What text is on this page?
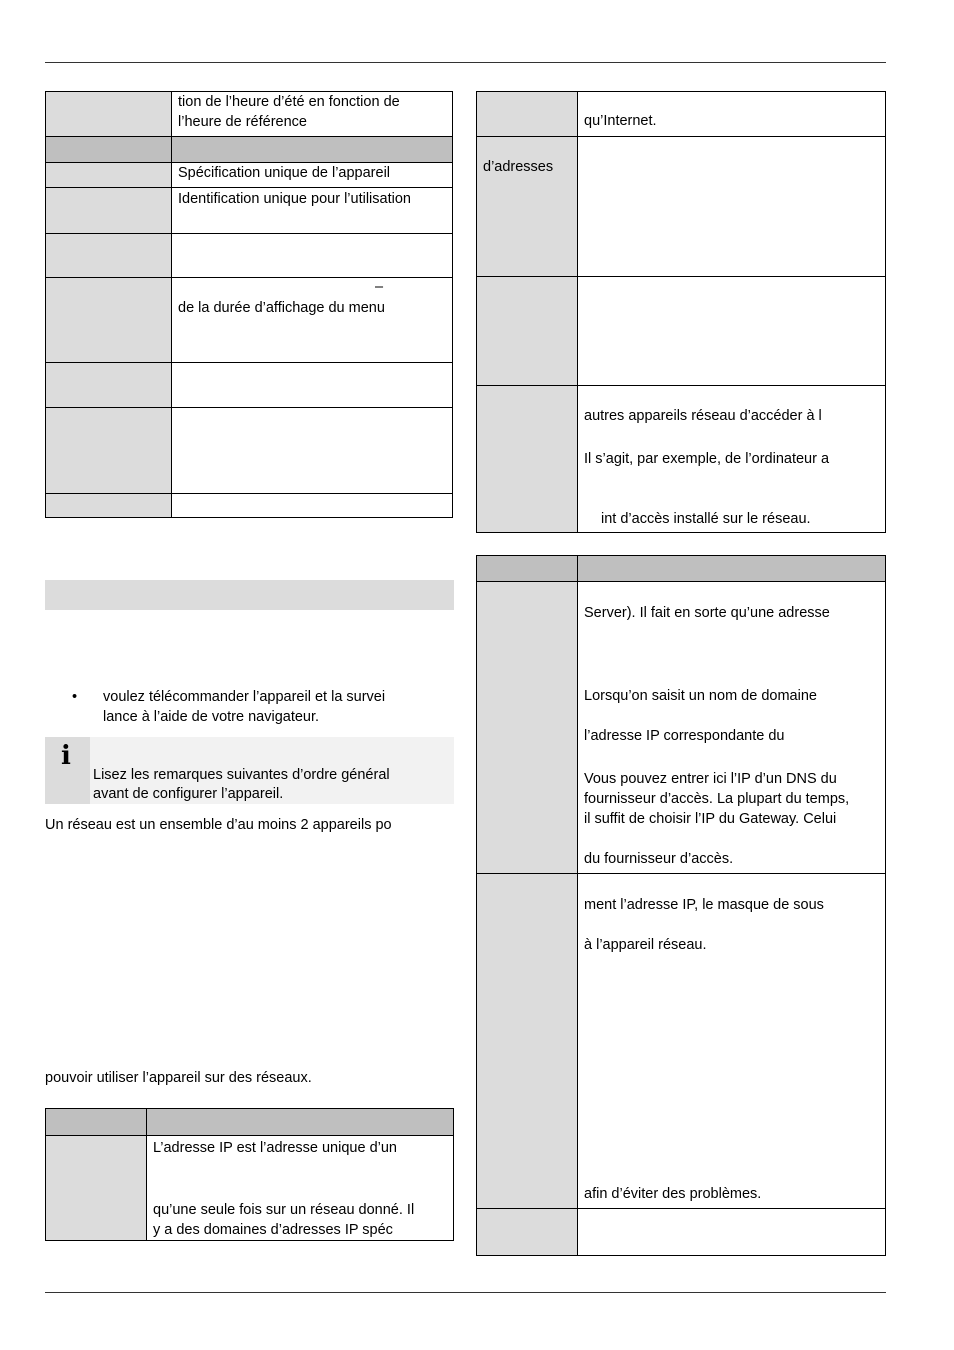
tion de l’heure d’été en fonction de
l’heure de référence
Spécification unique de l’appareil
Identification unique pour l’utilisation
–
de la durée d’affichage du menu
• voulez télécommander l’appareil et la survei
lance à l’aide de votre navigateur.
i
Lisez les remarques suivantes d’ordre général
avant de configurer l’appareil.
Un réseau est un ensemble d’au moins 2 appareils po
pouvoir utiliser l’appareil sur des réseaux.
L’adresse IP est l’adresse unique d’un
qu’une seule fois sur un réseau donné. Il
y a des domaines d’adresses IP spéc
qu’Internet.
d’adresses
autres appareils réseau d’accéder à l
Il s’agit, par exemple, de l’ordinateur a
int d’accès installé sur le réseau.
Server). Il fait en sorte qu’une adresse
Lorsqu’on saisit un nom de domaine
l’adresse IP correspondante du
Vous pouvez entrer ici l’IP d’un DNS du
fournisseur d’accès. La plupart du temps,
il suffit de choisir l’IP du Gateway. Celui
du fournisseur d’accès.
ment l’adresse IP, le masque de sous
à l’appareil réseau.
afin d’éviter des problèmes.
